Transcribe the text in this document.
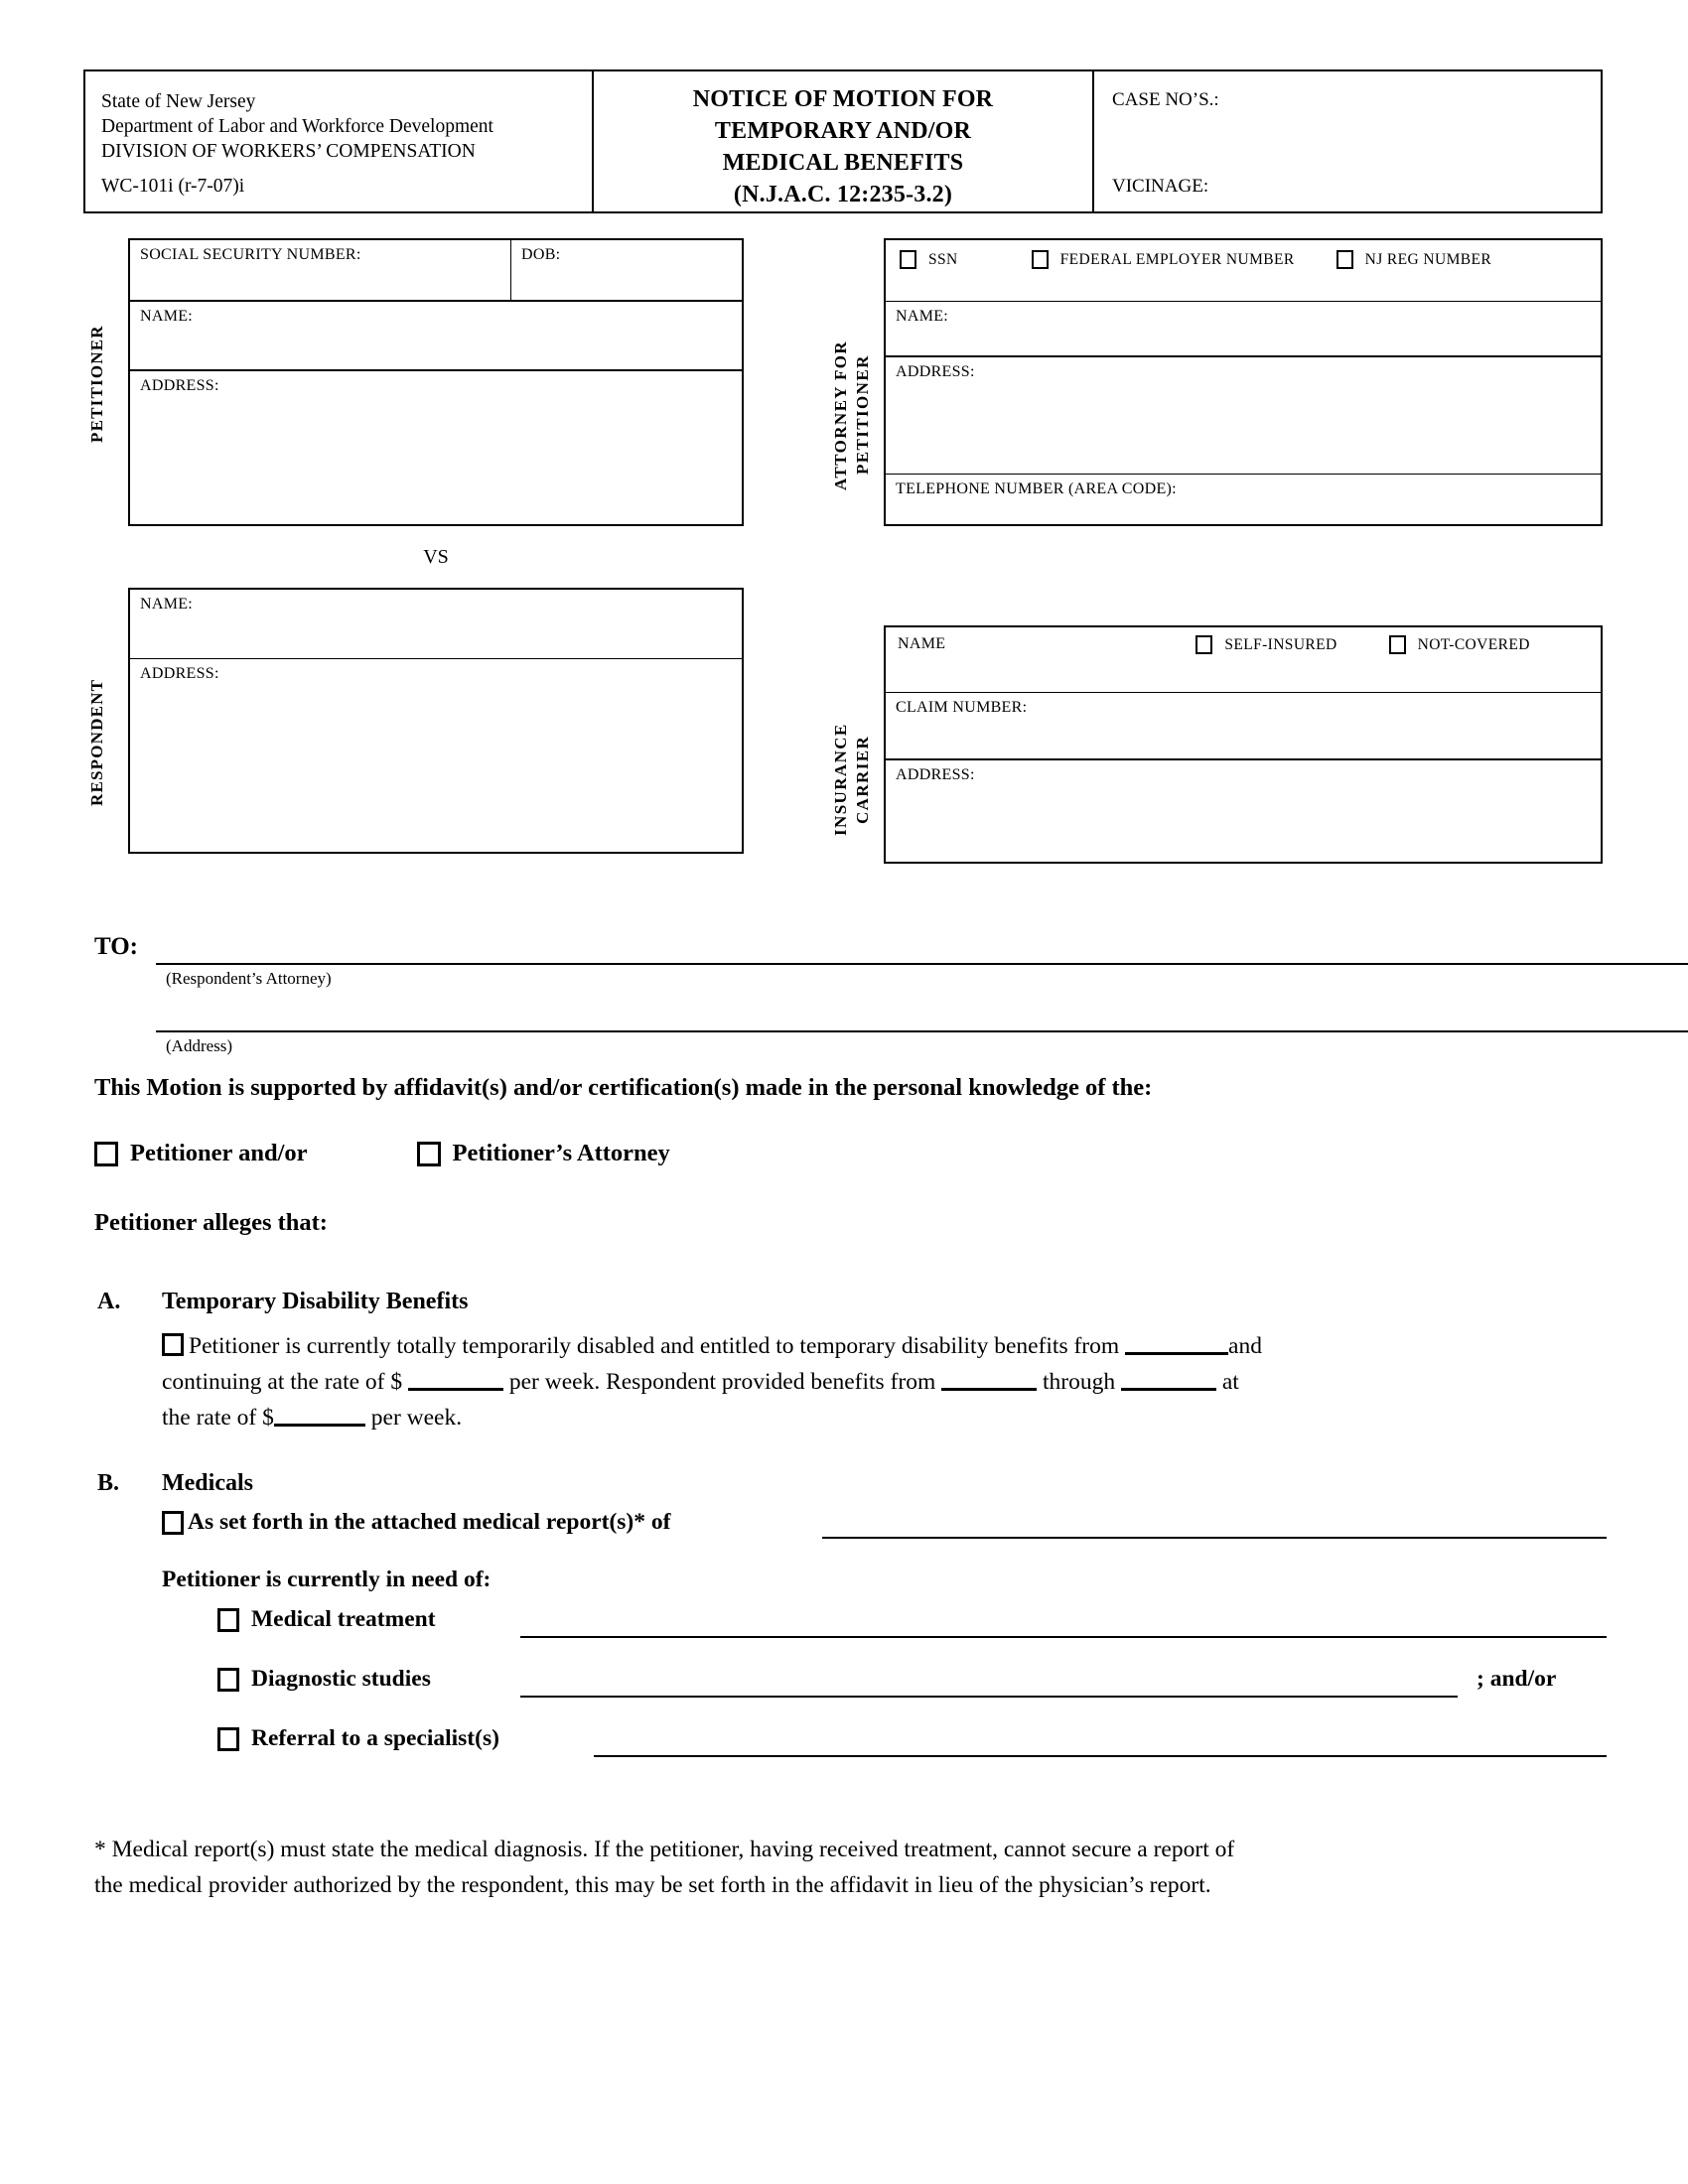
State of New Jersey
Department of Labor and Workforce Development
DIVISION OF WORKERS’ COMPENSATION
WC-101i (r-7-07)i
NOTICE OF MOTION FOR
TEMPORARY AND/OR
MEDICAL BENEFITS
(N.J.A.C. 12:235-3.2)
CASE NO’S.:
VICINAGE:
PETITIONER
SOCIAL SECURITY NUMBER:	DOB:
NAME:
ADDRESS:
VS
RESPONDENT
NAME:
ADDRESS:
ATTORNEY FOR PETITIONER
SSN	FEDERAL EMPLOYER NUMBER	NJ REG NUMBER
NAME:
ADDRESS:
TELEPHONE NUMBER (AREA CODE):
INSURANCE CARRIER
NAME	SELF-INSURED	NOT-COVERED
CLAIM NUMBER:
ADDRESS:
TO:
(Respondent’s Attorney)
(Address)
This Motion is supported by affidavit(s) and/or certification(s) made in the personal knowledge of the:
Petitioner and/or	Petitioner’s Attorney
Petitioner alleges that:
A. Temporary Disability Benefits
Petitioner is currently totally temporarily disabled and entitled to temporary disability benefits from	and
continuing at the rate of $	per week. Respondent provided benefits from	through	at
the rate of $	per week.
B. Medicals
As set forth in the attached medical report(s)* of
Petitioner is currently in need of:
Medical treatment
Diagnostic studies	; and/or
Referral to a specialist(s)
* Medical report(s) must state the medical diagnosis. If the petitioner, having received treatment, cannot secure a report of
the medical provider authorized by the respondent, this may be set forth in the affidavit in lieu of the physician’s report.
